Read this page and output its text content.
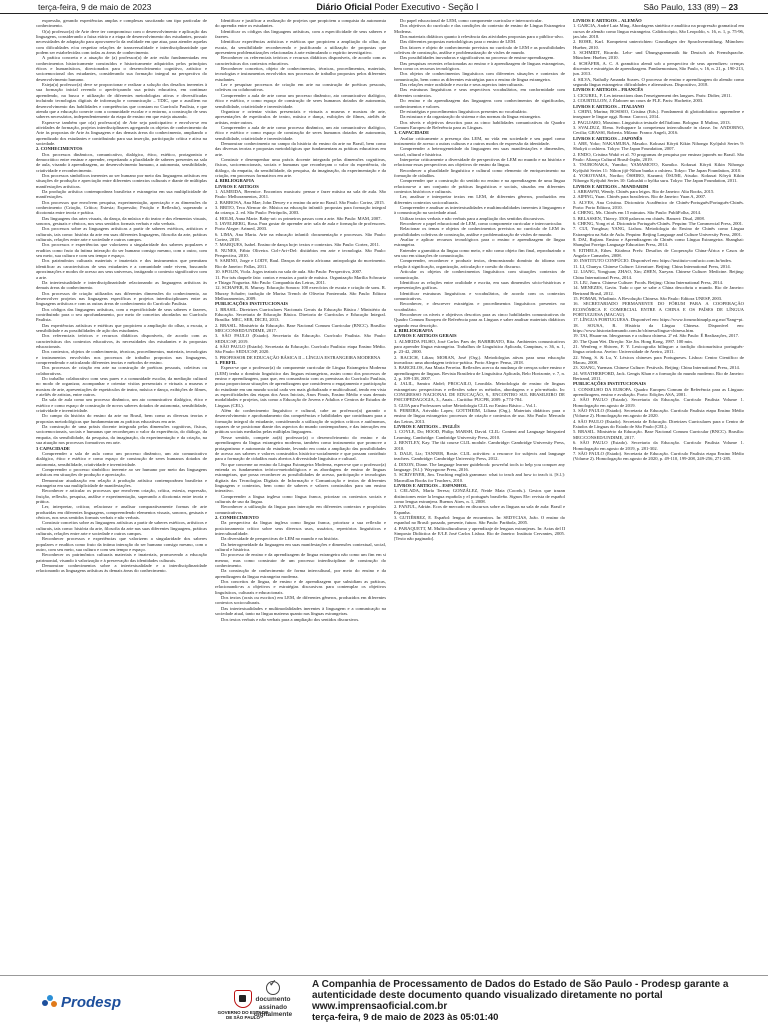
terça-feira, 9 de maio de 2023	Diário Oficial Poder Executivo - Seção I	São Paulo, 133 (89) – 23

expressão, gerando experiências amplas e complexas suscitando um tipo particular de conhecimento.

O(a) professor(a) de Arte deve ter compromisso com o desenvolvimento e aplicação das linguagens, considerando a faixa etária e a etapa de desenvolvimento dos estudantes, possuir necessidades de adaptação para aprovarem-lo da realidade em que atua, para atender aquelas com dificuldades e/ou respeitar relações de transversalidade e interdisciplinaridade que podem ser estabelecidas com todas as áreas de conhecimento.

A prática concreta e a atuação de (a) professor(a) de arte estão fundamentadas em conhecimentos historicamente construídos e historicamente adquiridos pelos princípios éticos e humanísticos, direcionados para o desenvolvimento cognitivo, artístico e socioemocional dos estudantes, considerando sua formação integral na perspectiva do desenvolvimento humano.

Esteja(a) professor(a) deve se proporcionar e realizar a solução dos desafios inerentes à sua formação inicial revendo o aperfeiçoando sua práxis educativa, em continuar aprendendo, na busca e utilização de diferentes metodologias ativas e diversificadas incluindo tecnologias digitais de informação e comunicação – TDIC, que o auxiliem no desenvolvimento das habilidades e competências que constam no Currículo Paulista, e que atenda que a educação conecte com a comunidade escolar e o entorno, a construção de seus saberes necessários, independentemente da etapa de ensino em que esteja atuando.

Espera-se também que o(a) professor(a) de Arte seja participativo e envolva-se em atividades de formação, projetos interdisciplinares agregando os objetos de conhecimento da Arte às propostas de Arte às linguagens e das demais áreas do conhecimento, ampliando o aprendizado dos estudantes e contribuindo para sua inserção, participação crítica e ativa na sociedade.

2. CONHECIMENTOS

Dos processos dinâmicos, comunicativo, dialógico, ético, estético, protagonista e democrático entre ensinar e aprender, respeitando a pluralidade de saberes presentes na sala de aula, visando à aprendizagem, ao desenvolvimento humano, a autonomia, sensibilidade, criatividade e reconhecimento.

Dos processos simbólicos inerentes ao ser humano por meio das linguagens artísticas em situações de produção e apreciação entre diferentes contextos culturais e diante de múltiplas manifestações artísticas.

Da produção artística contemporânea brasileira e estrangeira em sua multiplicidade de manifestações.

Dos processos que envolvem pesquisa, experimentação, apreciação e as dimensões do conhecimento (Criação, Crítica; Estesia; Expressão; Fruição e Reflexão), superando a dicotomia entre teoria e prática.

Das linguagens das artes visuais, da dança, da música e do teatro e dos elementos visuais, sonoros, gestuais e cênicos, nos seus sentidos formais verbais e não verbais.

Dos processos sobre as linguagens artísticas a partir de saberes estéticos, artísticos e culturais, tais como: história da arte em suas diferentes linguagens, filosofia da arte, práticas culturais, relações entre arte e sociedade e outros campos.

Dos processos e experiências que valorizem a singularidade dos saberes populares e eruditos como fruto da íntima interação do ser humano consigo mesmo, com o outro, com seu meio, sua cultura e com seu tempo e espaço.

Dos patrimônios culturais materiais e imateriais e dos instrumentos que permitam identificar as características de seus estudantes e a comunidade onde vivem, buscando aproximações e modos de acesso aos seus universos, instigando o contexto significativo com a arte.

Da intertextualidade e interdisciplinaridade relacionando as linguagens artísticas às demais áreas do conhecimento.

Dos processos de criação utilizados nas diferentes dimensões do conhecimento, ao desenvolver projetos nas linguagens específicas e projetos interdisciplinares entre as linguagens artísticas e com as outras áreas de conhecimento do Currículo Paulista.

Dos códigos das linguagens artísticas, com a especificidade de seus saberes e fazeres, contribuindo para o seu aprofundamento, por meio de conceitos abordados no Currículo Paulista.

Das experiências artísticas e estéticas que propiciem a ampliação do olhar, a escuta, a sensibilidade e as possibilidades de ação dos estudantes.

Dos referenciais teóricos e recursos didáticos disponíveis, de acordo com as características dos contextos educativos, às necessidades dos estudantes e às propostas educacionais.

Dos contextos, objetos de conhecimento, técnicas, procedimentos, materiais, tecnologias e instrumentos envolvidos nos processos de trabalho propostos nas linguagens, compreendendo e articulando diferentes teorias e métodos de ensino.

Dos processos de criação em arte na construção de poéticas pessoais, coletivas ou colaborativas.

Do trabalho colaborativo com seus pares e a comunidade escolar, da mediação cultural no modo de organizar, acompanhar e orientar visitas presenciais e virtuais a museus e mostras de arte, apresentações de espetáculos de teatro, música e dança, exibições de filmes, e ateliês de artistas, entre outros.

Da sala de aula como um processo dinâmico, um ato comunicativo dialógico, ético e estético e como espaço de construção de novos saberes dotados de autonomia, sensibilidade, criatividade e inventividade.

Do campo da história do ensino da arte no Brasil, bem como as diversas teorias e propostas metodológicas que fundamentaram as práticas educativas em arte.

Da construção de uma práxis docente integrada pelas dimensões cognitivas, físicas, socioemocionais, sociais e humanas que reconheçam o valor da experiência, do diálogo, da empatia, da sensibilidade, da pesquisa, da imaginação, da experimentação e da criação, na sua atuação nos processos formativos em arte.

3 CAPACIDADE

Compreender a sala de aula como um processo dinâmico, um ato comunicativo dialógico, ético e estético e como espaço de construção de seres humanos dotados de autonomia, sensibilidade, criatividade e inventividade.

Compreender o processo simbólico inerente ao ser humano por meio das linguagens artísticas em situações de produção e apreciação.

Demonstrar atualização em relação à produção artística contemporânea brasileira e estrangeira em sua multiplicidade de manifestações.

Reconhecer e articular os processos que envolvem criação, crítica, estesia, expressão, fruição, reflexão, pesquisa, análise e experimentação, superando a dicotomia entre teoria e prática.

Ler, interpretar, criticar, relacionar e analisar comparativamente formas de arte produzidas em diferentes linguagens, compreendendo elementos visuais, sonoros, gestuais e cênicos, nos seus sentidos formais verbais e não verbais.

Construir conceitos sobre as linguagens artísticas a partir de saberes estéticos, artísticos e culturais, tais como: história da arte, filosofia da arte nas suas diferentes linguagens, práticas culturais, relações entre arte e sociedade e outros campos.

Reconhecer processos e experiências que valorizem a singularidade dos saberes populares e eruditos como fruto da íntima interação do ser humano consigo mesmo, com o outro, com seu meio, sua cultura e com seu tempo e espaço.

Reconhecer os patrimônios culturais materiais e imateriais, promovendo a educação patrimonial, visando à valorização e à preservação das identidades culturais.

Demonstrar conhecimentos sobre a intertextualidade e a interdisciplinaridade relacionando as linguagens artísticas às demais áreas do conhecimento.

Identificar e justificar a realização de projetos que propiciem a conquista da autonomia do aprendiz entre os estudantes.

Identificar os códigos das linguagens artísticas, com a especificidade de seus saberes e fazeres.

Identificar experiências artísticas e estéticas que propiciem a ampliação do olhar, da escuta, da sensibilidade reconhecendo e justificando a utilização de propostas que apresentem problematizações relacionadas à arte estimulando o espírito investigativo.

Reconhecer os referenciais teóricos e recursos didáticos disponíveis, de acordo com as características dos contextos educativos.

Reconhecer conceitos, objeto de conhecimentos, técnicas, procedimentos, materiais, tecnologias e instrumentos envolvidos nos processos de trabalho propostos pelos diferentes estudantes.

Ler e pesquisar processos de criação em arte na construção de poéticas pessoais, coletivas ou colaborativas.

Compreender a aula de arte como um processo dinâmico, ato comunicativo dialógico, ético e estético, e como espaço de construção de seres humanos dotados de autonomia, sensibilidade, criatividade e inventividade.

Organizar e orientar visitas presenciais e virtuais a museus e mostras de arte, apresentações de espetáculos de teatro, música e dança, exibições de filmes, ateliês de artistas, entre outros.

Compreender a aula de arte como processo dinâmico, um ato comunicativo dialógico, ético e estético e como espaço de construção de seres humanos dotados de autonomia, sensibilidade, criatividade e inventividade.

Demonstrar conhecimento no campo da história do ensino da arte no Brasil, bem como das diversas teorias e propostas metodológicas que fundamentam as práticas educativas em arte.

Construir e desempenhar uma práxis docente integrada pelas dimensões cognitivas, físicas, socioemocionais, sociais e humanas que reconheçam o valor da experiência, do diálogo, da empatia, da sensibilidade, da pesquisa, da imaginação, da experimentação e da criação, em processos formativos em arte.

4. BIBLIOGRAFIA

LIVROS E ARTIGOS

1. ALMEIDA, Berenice. Encontros musicais: pensar e fazer música na sala de aula. São Paulo: Melhoramentos, 2011.

2. BARBOSA, Ana Mae; John Dewey e o ensino da arte no Brasil. São Paulo: Cortez, 2015.

3. BRITO, Teca Alencar de. Música na educação infantil: propostas para formação integral da criança. 2. ed. São Paulo: Peirópolis, 2003.

4. HOLM, Anna Marie. Baby-art: os primeiros passos com a arte. São Paulo: MAM, 2007.

5. IAVELBERG, Rosa. Para gostar de aprender arte: sala de aula e formação de professores. Porto Alegre: Artmed, 2003.

6. LIMA, Ana Maria. Arte na educação infantil: documentação e processos. São Paulo: Cortez, 2018.

7. MARQUES, Isabel. Ensino de dança hoje: textos e contextos. São Paulo: Cortez, 2011.

8. NUNES, Fábio Oliveira. Ctrl+Art+Del: distúrbios em arte e tecnologia. São Paulo: Perspectiva, 2010.

9. SABINO, Jorge e LODY, Raul. Danças de matriz africana: antropologia do movimento. Rio de Janeiro: Pallas, 2011.

10. SPOLIN, Viola. Jogos teatrais na sala de aula. São Paulo: Perspectiva, 2007.

11. Por trás daquele fato: contos e ensaios a partir de música. Organização Marília Schwartz e Thiago Nogueira. São Paulo: Companhia das Letras, 2011.

12. SCHAFER, R. Murray. Educação Sonora: 100 exercícios de escuta e criação de sons. R. Murray Schafer; tradução de Marisa Trench de Oliveira Fonterrada. São Paulo: Editora Melhoramentos, 2009.

PUBLICAÇÕES INSTITUCIONAIS

1. BRASIL. Diretrizes Curriculares Nacionais Gerais da Educação Básica / Ministério da Educação. Secretaria de Educação Básica. Diretoria de Currículos e Educação Integral. Brasília: MEC, SEB, DICEI, 2013.

2. BRASIL. Ministério da Educação. Base Nacional Comum Curricular (BNCC). Brasília: MEC/CONSED/UNDIME, 2017.

3. SÃO PAULO (Estado). Secretaria da Educação. Currículo Paulista. São Paulo: SEDUC/SP, 2019.

4. SÃO PAULO (Estado). Secretaria da Educação. Currículo Paulista: etapa Ensino Médio. São Paulo: SEDUC/SP, 2020.

5. PROFESSOR DE EDUCAÇÃO BÁSICA II – LÍNGUA ESTRANGEIRA MODERNA

1. PERFIL

Espera-se que o professor(a) do componente curricular de Língua Estrangeira Moderna (LEM) tenha o domínio linguístico das línguas estrangeiras, assim como dos processos de ensino e aprendizagem, para que, em consonância com as premissas do Currículo Paulista, possa proporcionar situações de aprendizagem que considerem o engajamento e participação do estudante em um mundo social cada vez mais globalizado e multicultural, tendo em vista as especificidades das etapas dos Anos Iniciais, Anos Finais, Ensino Médio e suas demais modalidades e projetos, tais como a Educação de Jovens e Adultos e Centros de Estudos de Línguas (CEL).

Além do conhecimento linguístico e cultural, cabe ao professor(a) garantir o desenvolvimento e aprofundamento das competências e habilidades que contribuam para a formação integral do estudante, considerando a utilização de sujeitos críticos e autônomos, capazes de se posicionar diante dos aspectos do mundo contemporâneo, e das interações em práticas sociais mediadas pelas múltiplas linguagens.

Nesse sentido, compete ao(à) professor(a) o desenvolvimento do ensino e da aprendizagem da língua estrangeira moderna, também como instrumento que promove a protagonismo e autonomia do estudante, levando em conta a ampliação das possibilidades de acesso aos saberes e valores construídos histórico-socialmente e que possam contribuir para a formação de cidadãos mais abertos à diversidade linguística e cultural.

No que concerne ao ensino da Língua Estrangeira Moderna, espera-se que o professor(a) entenda os fundamentos teórico-metodológicos e as abordagens de ensino de línguas estrangeiras, que possa reconhecer as possibilidades de acesso, participação e tecnologias digitais das Tecnologias Digitais de Informação e Comunicação e textos de diferentes linguagens e contextos, bem como de saberes e valores construídos para um ensino interativo.

Compreender a língua inglesa como língua franca, priorizar os contextos sociais e culturais de uso da língua.

Reconhecer a utilização da língua para interação em diferentes contextos e propósitos comunicativos.

2. CONHECIMENTO

Da perspectiva da língua inglesa como língua franca, priorizar a sua reflexão e posicionamento crítico sobre seus diversos usos, usuários, repertórios linguísticos e interculturalidade.

Da diversidade de perspectivas de LEM no mundo e na história.

Da heterogeneidade da linguagem em suas manifestações e dimensões contextual, social, cultural e histórica.

Do processo de ensino e da aprendizagem de língua estrangeira não como um fim em si mesmo, mas como construtor de um processo interdisciplinar de construção do conhecimento.

Da construção de conhecimento de forma intercultural, por meio do ensino e da aprendizagem da língua estrangeira moderna.

Dos conceitos de língua, de ensino e de aprendizagem que subsidiam as práticas, relacionando-as a objetivos e estratégias discursivas para contemplar os objetivos linguísticos, culturais e educacionais.

Dos textos (orais ou escritos) em LEM, de diferentes gêneros, produzidos em diferentes contextos socioculturais.

Das intertextualidades e multimodalidades inerentes à linguagem e a comunicação na sociedade atual, tanto na língua materna quanto nas línguas estrangeiras.

Dos textos verbais e não verbais para a ampliação dos sentidos discursivos.

Do papel educacional de LEM, como componente curricular e intercurricular.

Dos objetivos do currículo e das condições do contexto de ensino de Língua Estrangeira Moderna.

Dos materiais didáticos quanto à relevância das atividades propostas para o público-alvo.

Das diferentes propostas metodológicas para o ensino de LEM.

Dos fatores e objeto de conhecimento previstos no currículo de LEM e as possibilidades coletivas de construção, análise e problematização de visões de mundo.

Das possibilidades inovadoras e significativas no processo de ensino-aprendizagem.

Das pesquisas recentes relacionadas ao ensino e à aprendizagem de línguas estrangeiras, bem como os recursos tecnológicos.

Dos objetos de conhecimentos linguísticos com diferentes situações e contextos de comunicação, bem como as diferentes estratégias para o ensino de língua estrangeira.

Das relações entre oralidade e escrita e seus aspectos interculturais.

Das estruturas linguísticas e seus respectivos vocabulários, em conformidade com diferentes contextos.

Do ensino e da aprendizagem das linguagens com conhecimentos de significados, conhecimentos e valores.

De estratégias e procedimentos linguísticos presentes no vocabulário.

Da estrutura e da organização do sistema e das normas da língua estrangeira.

Dos níveis e objetivos descritos para as cinco habilidades comunicativas do Quadro Comum Europeu de Referência para as Línguas.

3. CAPACIDADE

Avaliar criticamente a presença das LEM, no vida em sociedade e seu papel como instrumento de acesso a outras culturas e a outros modos de expressão da identidade.

Compreender a heterogeneidade da linguagem em suas manifestações e dimensões, social, cultural e histórica.

Interpretar criticamente a diversidade de perspectivas de LEM no mundo e na história e relacionar essas perspectivas aos objetivos de ensino da língua.

Reconhecer a pluralidade linguística e cultural como elemento de enriquecimento na formação de cidadãos.

Compreender que a construção do sentido no ensino e na aprendizagem de uma língua relaciona-se a um conjunto de práticas linguísticas e sociais, situadas em diferentes contextos históricos e culturais.

Ler, analisar e interpretar textos em LEM, de diferentes gêneros, produzidos em diferentes contextos socioculturais.

Compreender e analisar as intertextualidades e multimodalidades inerentes à linguagem e à comunicação na sociedade atual.

Utilizar textos verbais e não verbais para a ampliação dos sentidos discursivos.

Reconhecer o papel educacional de LEM, como componente curricular e intercurricular.

Relacionar os temas e objetos de conhecimentos previstos no currículo de LEM às possibilidades coletivas de construção, análise e problematização de visões de mundo.

Avaliar e aplicar recursos tecnológicos para o ensino e aprendizagem de língua estrangeira.

Entender a gramática da língua como meio, e não como objeto fim final, reproduzindo o seu uso em situações de comunicação.

Compreender, reconhecer e produzir textos, demonstrando domínio do idioma com relação à significação, organização, articulação e coesão do discurso.

Articular os objetos de conhecimentos linguísticos com situações contextos de comunicação.

Identificar as relações entre oralidade e escrita, em suas dimensões sócio-históricas e representações gráficas.

Identificar estruturas linguísticas e vocabulários, de acordo com os contextos comunicativos.

Reconhecer, e descrever estratégias e procedimentos linguísticos presentes no vocabulário.

Reconhecer os níveis e objetivos descritos para as cinco habilidades comunicativas do Quadro Comum Europeu de Referência para as Línguas e saber analisar materiais didáticos segundo essa descrição.

4. BIBLIOGRAFIA

LIVROS E ARTIGOS GERAIS

1. ALMEIDA FILHO, José Carlos Paes de; BARBIRATO, Rita. Ambientes comunicativos para aprender língua estrangeira. Trabalhos de Linguística Aplicada, Campinas, v. 36, n. 1, p. 23-42, 2000.

2. BACICH, Lilian; MORAN, José (Org.). Metodologias ativas para uma educação inovadora: uma abordagem teórico-prática. Porto Alegre: Penso, 2018.

3. BARCELOS, Ana Maria Ferreira. Reflexões acerca da mudança de crenças sobre ensino e aprendizagem de línguas. Revista Brasileira de Linguística Aplicada, Belo Horizonte, v. 7, n. 2, p. 109-138, 2007.

4. JALIL, Samira Abdel; PROCAILO, Leonilda. Metodologia de ensino de línguas estrangeiras: perspectivas e reflexões sobre os métodos, abordagens e o pós-método. In: CONGRESSO NACIONAL DE EDUCAÇÃO, 9., ENCONTRO SUL BRASILEIRO DE PSICOPEDAGOGIA, 3., Anais... Curitiba: PUCPR, 2009. p.774-784.

5. GUIA para Professores sobre Metodologia CLIL no Ensino Básico – Vol.1.

6. PEREIRA, Arivaldo Lopes; GOTTHEIM, Liliana (Org.). Materiais didáticos para o ensino de língua estrangeira: processos de criação e contextos de uso. São Paulo: Mercado das Letras, 2013.

LIVROS E ARTIGOS – INGLÊS

1. COYLE, Do; HOOD, Philip; MARSH, David. CLIL: Content and Language Integrated Learning. Cambridge: Cambridge University Press, 2010.

2. BENTLEY, Kay. The tkt course CLIL module. Cambridge: Cambridge University Press, 2010.

3. DALE, Liz; TANNER, Rosie. CLIL activities: a resource for subjects and language teachers. Cambridge: Cambridge University Press, 2012.

4. DIXON, Diane. The language learner guidebook: powerful tools to help you conquer any language. [S.l.]: Wayzgoose Press, 2016.

5. SCRIVENER, Jim. Teaching english grammar: what to teach and how to teach it. [S.l.]: Macmillan Books for Teachers, 2010.

LIVROS E ARTIGOS – ESPANHOL

1. CELADA, María Teresa; GONZÁLEZ, Neide Maia (Coords.). Gestos que trazan distinciones entre la lengua española y el portugués brasileño. Signos Ele: revista de español como lengua extranjera. Buenos Aires, n. 1, 2008.

2. FANJUL, Adrián. Ecos de mercado en discursos sobre as línguas na sala de aula: Brasil e Espanha.

3. GUTIÉRREZ, E. Español: lengua de encuentros. In: SEDYCIAS, João. O ensino do espanhol no Brasil: passado, presente, futuro. São Paulo: Parábola, 2005.

4. PARAQUETT, M. Multiculturalismo y aprendizaje de lenguas extranjeras. In: Actas del II Simposio Didáctica de E/LE José Carlos Lisboa. Rio de Janeiro: Instituto Cervantes, 2005. [Texto não paginado].

LIVROS E ARTIGOS – ALEMÃO

1. GARCIA, André Luiz Ming. Abordagens sintética e analítica na progressão gramatical em cursos de alemão como língua estrangeira. Calidoscópio, São Leopoldo, v. 16, n. 1, p. 75-96, jan./abr. 2018.

2. ROHE, Karl. Kompetent unterrichten: Grundlagen der Sprachvermittlung. München: Hueber, 2010.

3. SCHMIDT, Ricardo. Lehr- und Übungsgrammatik für Deutsch als Fremdsprache. München: Hueber, 2010.

4. SCHÄFER, A. C. A gramática alemã sob a perspectiva de seus aprendizes: crenças discentes e estratégias de aprendizagem. Pandaemonium, São Paulo, v. 16, n. 21, p. 190-213, jun. 2013.

4. SILVA, Nathally Amanda Soares. O processo de ensino e aprendizagem do alemão como segunda língua estrangeira: dificuldades e alternativas. Dispositivo, 2018.

LIVROS E ARTIGOS – FRANCÊS

1. CICUREL, F. Les interactions dans l'enseignement des langues. Paris: Didier, 2011.

2. COURTILLON, J. Élaborer un cours de FLE. Paris: Hachette, 2003.

LIVROS E ARTIGOS – ITALIANO

1. CHINI, Marina; BOSISIO, Cristina (Eds.). Fondamenti di glottodidattica: apprendere e insegnare le lingue oggi. Roma: Carocci, 2014.

2. PAGLIARO, Massimo. Linguistica testuale dell'italiano. Bologna: Il Mulino, 2013.

3. SVALDUZ, Elena. Sviluppare la competenza interculturale in classe. In: ANDORNO, Cecilia; GRASSI, Roberta. Milano: Franco Angeli, 2016.

LIVROS E ARTIGOS – JAPONÊS

1. ABE, Yoko; NAKAMURA, Masako. Kokusai Kōryū Kikin Nihongo Kyōjuhō Series 9: Shokyū o oshieru. Tokyo: The Japan Foundation, 2007.

2. ENDO, Cristina Wakō et al. 70 programas de pesquisa por ensinar japonês no Brasil. São Paulo: Aliança Cultural Brasil-Japão, 2019.

3. TSUBONAKA, Yumiko; YAMAMOTO, Kumiko. Kokusai Kōryū Kikin Nihongo Kyōjuhō Series 11: Nihon jijō-Nihon bunka o oshieru. Tokyo: The Japan Foundation, 2010.

4. YOKOYAMA, Noriko; ŌSHIRO, Kazumi; ŌSUMI, Atsuko. Kokusai Kōryū Kikin Nihongo Kyōjuhō Series 10: Gakushū o hyōka suru. Tokyo: The Japan Foundation, 2011.

LIVROS E ARTIGOS – MANDARIM

1. ARRAWNI, Wendy. Chinês para leigos. Rio de Janeiro: Alta Books, 2015.

2. AIPING, Yuan. Chinês para brasileiros. Rio de Janeiro: Yuan A, 2007.

3. ALVES, Ana Cristina. Dicionário Acadêmico de Chinês-Português/Português-Chinês. Porto: Porto Editora, 2010.

4. CHENG, Ms. Chinês em 15 minutos. São Paulo: PubliFolha, 2014.

5. BELASSEN, Thierry. 3500 palavras em chinês. Barueri: Disal, 2008.

6. CHENG, Yong et al. Dicionário Português-Chinês. Pequim: The Commercial Press, 2001.

7. CUI, Yonghua; YANG, Lizhou. Metodologia do Ensino de Chinês como Língua Estrangeira na Sala de Aula. Pequim: Beijing Language and Culture University Press, 2001.

8. DAI, Rujiam. Ensino e Aprendizagem do Chinês como Língua Estrangeira. Shanghai: Shanghai Foreign Language Education Press, 2014.

9. EITHELS, Ethes. Kitabwa Prefs: Desafios de Cooperação China-África e Casos de Angola e Camarões, 2008.

10. INSTITUTO CONFÚCIO. Disponível em: https://instituto-confucio.com.br/index.

11. LI, Chunyu. Chinese Culture: Literature. Beijing: China International Press, 2014.

12. LIANG, Yongjuan; ZHAO, Xin; ZHEN, Xueyan. Chinese Culture: Medicine. Beijing: China International Press, 2014.

13. LIU, Junru. Chinese Culture: Foods. Beijing: China International Press, 2014.

14. MENEZES, Gavin. Tudo o que se sabe a China descobriu o mundo. Rio de Janeiro: Bertrand Brasil, 2012.

15. POMAR, Wladimir. A Revolução Chinesa. São Paulo: Editora UNESP, 2003.

16. SECRETARIADO PERMANENTE DO FÓRUM PARA A COOPERAÇÃO ECONÓMICA E COMERCIAL ENTRE A CHINA E OS PAÍSES DE LÍNGUA PORTUGUESA (MACAU).

17. LÍNGUA PORTUGUESA. Disponível em: https://www.forumchinaplp.org.mo/?lang=pt.

18. SOUSA, R. História da Língua Chinesa. Disponível em: https://www.historiadomundo.com.br/chinesa/lingua-chinesa.htm.

19. TAI, Hsuan-an. Ideogramas e a cultura chinesa. 2ª ed. São Paulo: É Realizações, 2017.

20. The Quan Wei. Direção: Xie Jin. Hong Kong, 1997. 100 min.

21. Wenfeng e Shiwen, F. Y. Lexicografia bilíngue: a tradição dicionarística português-língua ortodoxa. Aveiro: Universidade de Aveiro, 2011.

22. Wang, S. & Lu, Y. Léxicos chineses para Portugueses. Lisboa: Centro Científico de Macau, 2008.

23. XIANG, Yueman. Chinese Culture: Festivals. Beijing: China International Press, 2014.

24. WEATHERFORD, Jack. Gengis Khan e a formação do mundo moderno. Rio de Janeiro: Bertrand, 2011.

PUBLICAÇÕES INSTITUCIONAIS

1. CONSELHO DA EUROPA. Quadro Europeu Comum de Referência para as Línguas: aprendizagem, ensino e avaliação. Porto: Edições ASA, 2001.

2. SÃO PAULO (Estado). Secretaria da Educação. Currículo Paulista Volume 1. Homologação em agosto de 2019.

3. SÃO PAULO (Estado). Secretaria da Educação. Currículo Paulista etapa Ensino Médio (Volume 2). Homologação em agosto de 2020.

4. SÃO PAULO (Estado). Secretaria de Educação. Diretrizes Curriculares para o Centro de Estudos de Línguas do Estado de São Paulo (CEL).

5. BRASIL. Ministério da Educação. Base Nacional Comum Curricular (BNCC). Brasília: MEC/CONSED/UNDIME, 2017.

6. SÃO PAULO (Estado). Secretaria da Educação. Currículo Paulista Volume 1. Homologação em agosto de 2019, p. 281-302.

7. SÃO PAULO (Estado). Secretaria de Educação. Currículo Paulista etapa Ensino Médio (Volume 2). Homologação em agosto de 2020, p. 49-110, 199-208, 249-256, 271-285.

Prodesp
GOVERNO DO ESTADO
DE SÃO PAULO
✓
documento
assinado
digitalmente
A Companhia de Processamento de Dados do Estado de São Paulo - Prodesp garante a autenticidade deste documento quando visualizado diretamente no portal www.imprensaoficial.com.br
terça-feira, 9 de maio de 2023 às 05:01:40
